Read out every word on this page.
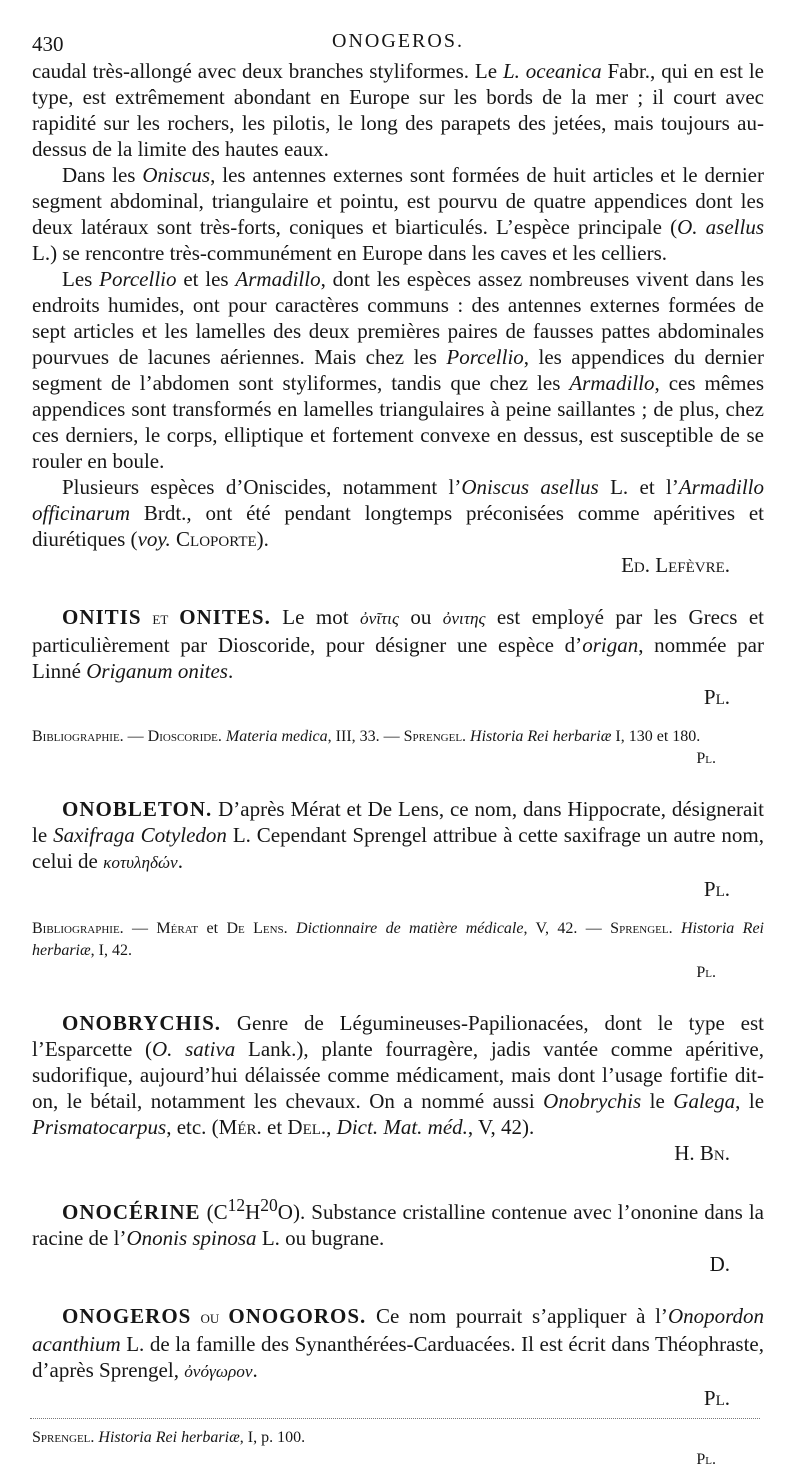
430	ONOGEROS.

caudal très-allongé avec deux branches styliformes. Le L. oceanica Fabr., qui en est le type, est extrêmement abondant en Europe sur les bords de la mer ; il court avec rapidité sur les rochers, les pilotis, le long des parapets des jetées, mais toujours au-dessus de la limite des hautes eaux.

Dans les Oniscus, les antennes externes sont formées de huit articles et le dernier segment abdominal, triangulaire et pointu, est pourvu de quatre appendices dont les deux latéraux sont très-forts, coniques et biarticulés. L’espèce principale (O. asellus L.) se rencontre très-communément en Europe dans les caves et les celliers.

Les Porcellio et les Armadillo, dont les espèces assez nombreuses vivent dans les endroits humides, ont pour caractères communs : des antennes externes formées de sept articles et les lamelles des deux premières paires de fausses pattes abdominales pourvues de lacunes aériennes. Mais chez les Porcellio, les appendices du dernier segment de l’abdomen sont styliformes, tandis que chez les Armadillo, ces mêmes appendices sont transformés en lamelles triangulaires à peine saillantes ; de plus, chez ces derniers, le corps, elliptique et fortement convexe en dessus, est susceptible de se rouler en boule.

Plusieurs espèces d’Oniscides, notamment l’Oniscus asellus L. et l’Armadillo officinarum Brdt., ont été pendant longtemps préconisées comme apéritives et diurétiques (voy. Cloporte).
Ed. Lefèvre.

ONITIS et ONITES. Le mot ὀνῖτις ou ὀνιτης est employé par les Grecs et particulièrement par Dioscoride, pour désigner une espèce d’origan, nommée par Linné Origanum onites.
Pl.

Bibliographie. — Dioscoride. Materia medica, III, 33. — Sprengel. Historia Rei herbariæ I, 130 et 180.
Pl.

ONOBLETON. D’après Mérat et De Lens, ce nom, dans Hippocrate, désignerait le Saxifraga Cotyledon L. Cependant Sprengel attribue à cette saxifrage un autre nom, celui de κοτυληδών.
Pl.

Bibliographie. — Mérat et De Lens. Dictionnaire de matière médicale, V, 42. — Sprengel. Historia Rei herbariæ, I, 42.
Pl.

ONOBRYCHIS. Genre de Légumineuses-Papilionacées, dont le type est l’Esparcette (O. sativa Lank.), plante fourragère, jadis vantée comme apéritive, sudorifique, aujourd’hui délaissée comme médicament, mais dont l’usage fortifie dit-on, le bétail, notamment les chevaux. On a nommé aussi Onobrychis le Galega, le Prismatocarpus, etc. (Mér. et Del., Dict. Mat. méd., V, 42).
H. Bn.

ONOCÉRINE $(C^{12}H^{20}O)$. Substance cristalline contenue avec l’ononine dans la racine de l’Ononis spinosa L. ou bugrane.
D.

ONOGEROS ou ONOGOROS. Ce nom pourrait s’appliquer à l’Onopordon acanthium L. de la famille des Synanthérées-Carduacées. Il est écrit dans Théophraste, d’après Sprengel, ὀνόγωρον.
Pl.

Sprengel. Historia Rei herbariæ, I, p. 100.
Pl.
